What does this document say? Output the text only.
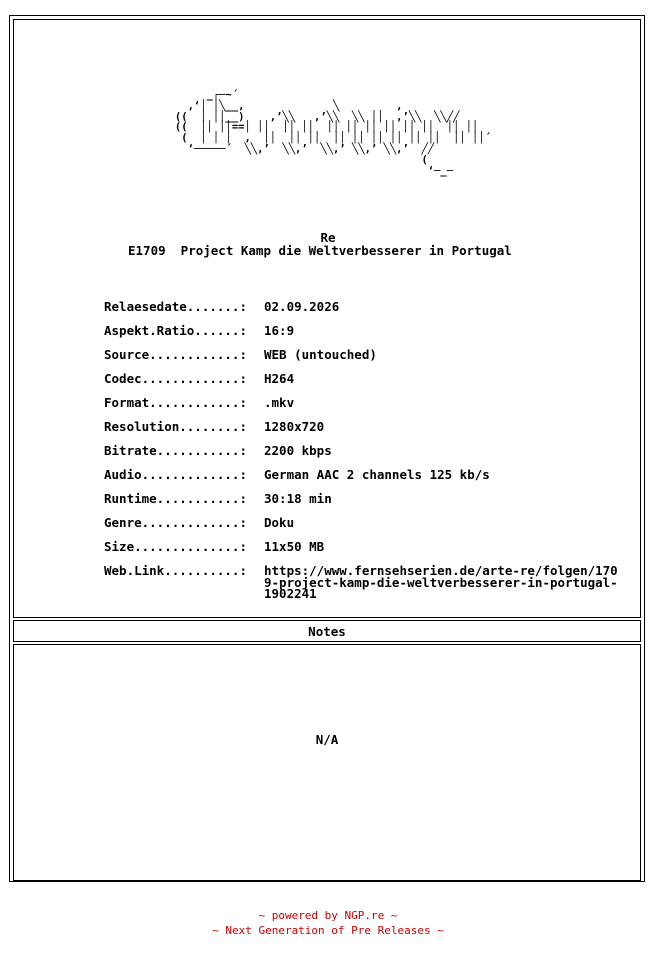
_┌─~´
,‘│ │╲__,              ╲         ,
((  │ ││__)    ,’╲╲   ,’╲╲  ╲╲ ││  ,’╲╲  ╲╲╱╱
((  ││ ││==│ ││  ││ ││  ││ ││ ││ ││ ││ ││  ││ ││
(  │ │ │  ,  ││  ││ ││  ││ ││ ││ ││ ││ ││  ││ ││´
‘─────´  ╲╲,’  ╲╲,’  ╲╲,’ ╲╲,’ ╲╲,’  ╱╱
(
‘─_─
Re
E1709  Project Kamp die Weltverbesserer in Portugal
Relaesedate.......:	02.09.2026
Aspekt.Ratio......:	16:9
Source............:	WEB (untouched)
Codec.............:	H264
Format............:	.mkv
Resolution........:	1280x720
Bitrate...........:	2200 kbps
Audio.............:	German AAC 2 channels 125 kb/s
Runtime...........:	30:18 min
Genre.............:	Doku
Size..............:	11x50 MB
Web.Link..........:	https://www.fernsehserien.de/arte-re/folgen/1709-project-kamp-die-weltverbesserer-in-portugal-1902241
Notes
N/A
~ powered by NGP.re ~
~ Next Generation of Pre Releases ~
